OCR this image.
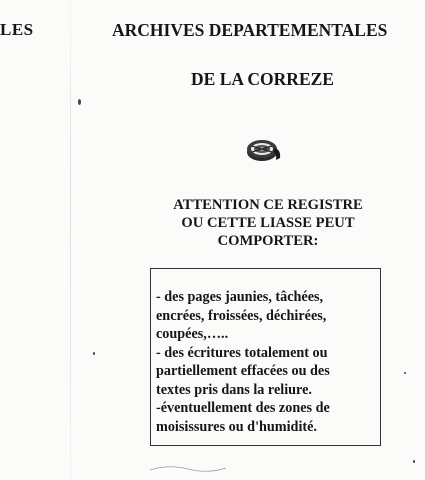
LES	ARCHIVES DEPARTEMENTALES
DE LA CORREZE
ATTENTION CE REGISTRE
OU CETTE LIASSE PEUT
COMPORTER:
- des pages jaunies, tâchées,
encrées, froissées, déchirées,
coupées,…..
- des écritures totalement ou
partiellement effacées ou des
textes pris dans la reliure.
-éventuellement des zones de
moisissures ou d'humidité.
